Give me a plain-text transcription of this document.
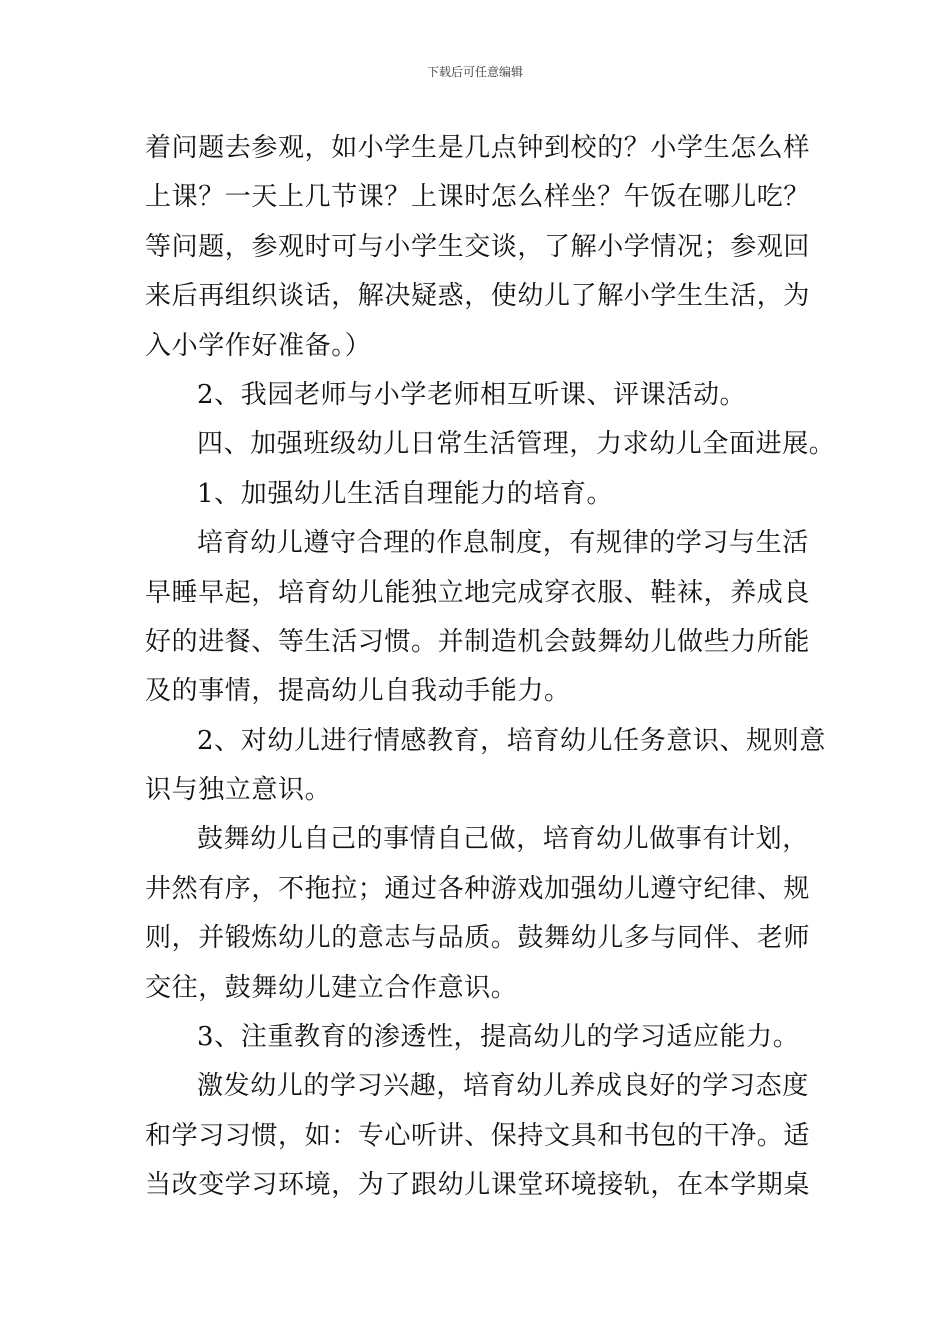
下载后可任意编辑
着问题去参观，如小学生是几点钟到校的？小学生怎么样
上课？一天上几节课？上课时怎么样坐？午饭在哪儿吃？
等问题，参观时可与小学生交谈，了解小学情况；参观回
来后再组织谈话，解决疑惑，使幼儿了解小学生生活，为
入小学作好准备。）
2、我园老师与小学老师相互听课、评课活动。
四、加强班级幼儿日常生活管理，力求幼儿全面进展。
1、加强幼儿生活自理能力的培育。
培育幼儿遵守合理的作息制度，有规律的学习与生活
早睡早起，培育幼儿能独立地完成穿衣服、鞋袜，养成良
好的进餐、等生活习惯。并制造机会鼓舞幼儿做些力所能
及的事情，提高幼儿自我动手能力。
2、对幼儿进行情感教育，培育幼儿任务意识、规则意
识与独立意识。
鼓舞幼儿自己的事情自己做，培育幼儿做事有计划，
井然有序，不拖拉；通过各种游戏加强幼儿遵守纪律、规
则，并锻炼幼儿的意志与品质。鼓舞幼儿多与同伴、老师
交往，鼓舞幼儿建立合作意识。
3、注重教育的渗透性，提高幼儿的学习适应能力。
激发幼儿的学习兴趣，培育幼儿养成良好的学习态度
和学习习惯，如：专心听讲、保持文具和书包的干净。适
当改变学习环境，为了跟幼儿课堂环境接轨，在本学期桌
